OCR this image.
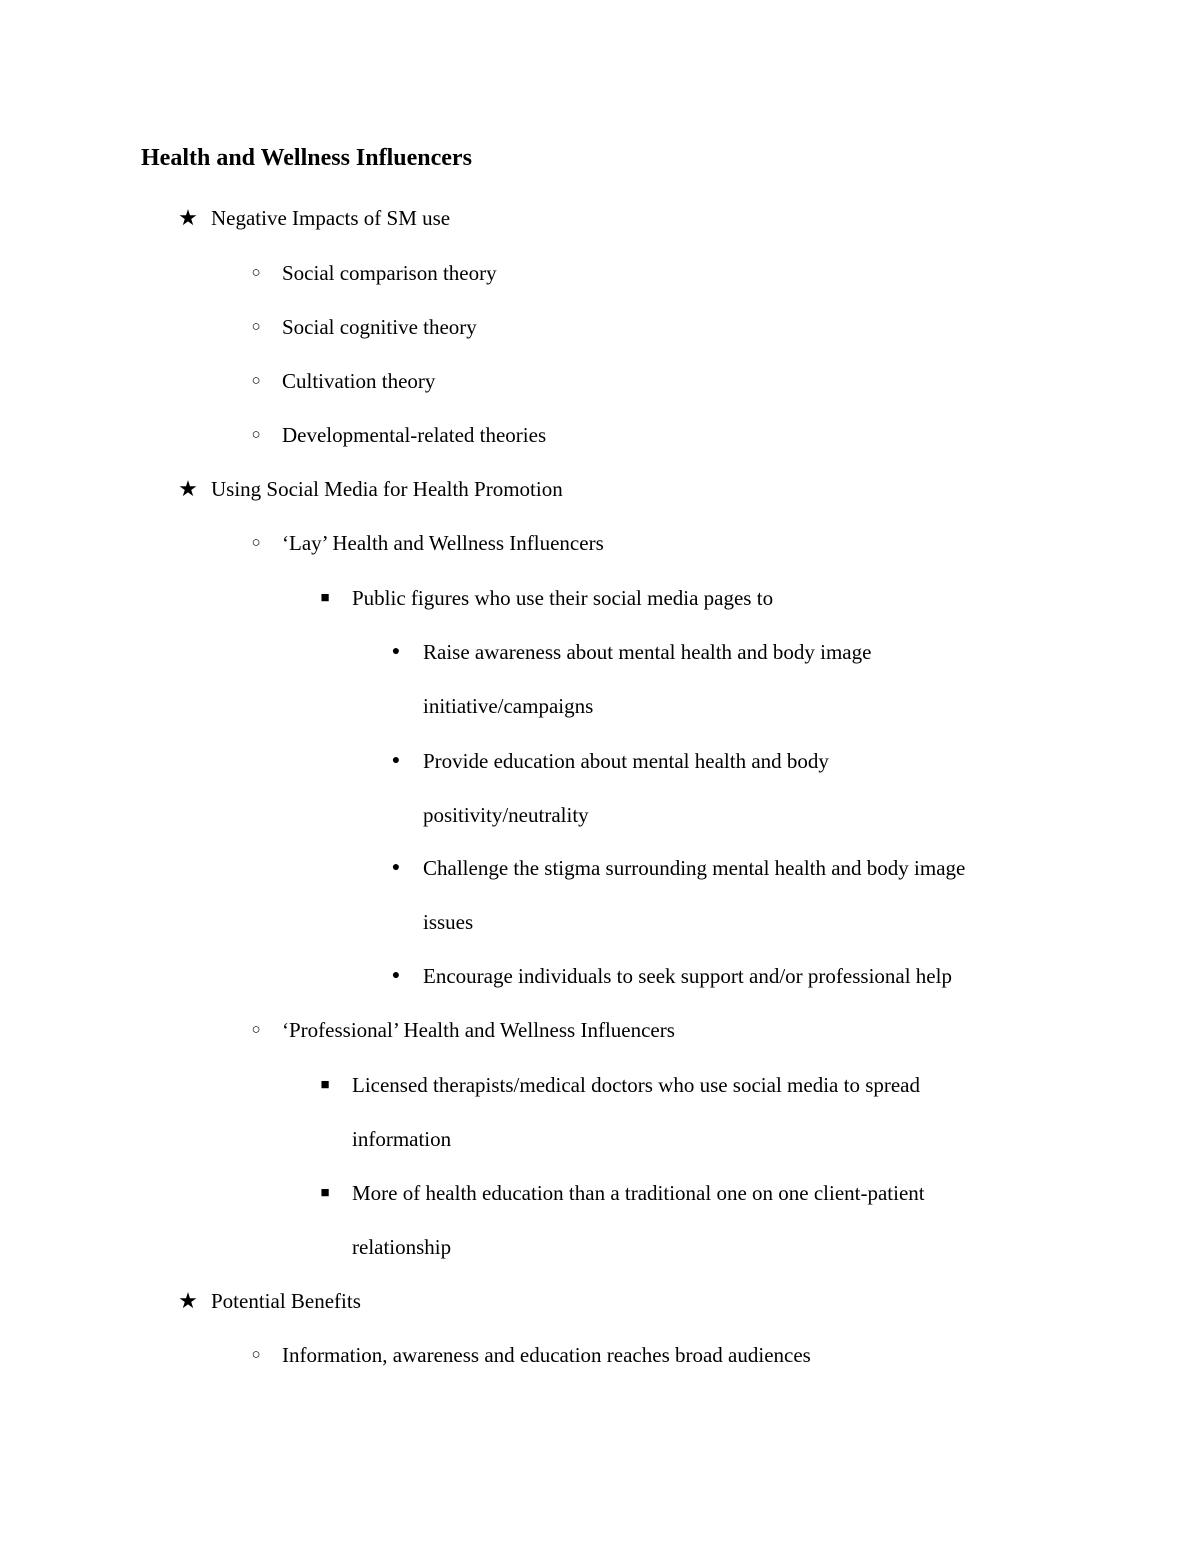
Health and Wellness Influencers
★ Negative Impacts of SM use
○	Social comparison theory
○	Social cognitive theory
○	Cultivation theory
○	Developmental-related theories
★ Using Social Media for Health Promotion
○	‘Lay’ Health and Wellness Influencers
■	Public figures who use their social media pages to
●	Raise awareness about mental health and body image
initiative/campaigns
●	Provide education about mental health and body
positivity/neutrality
●	Challenge the stigma surrounding mental health and body image
issues
●	Encourage individuals to seek support and/or professional help
○	‘Professional’ Health and Wellness Influencers
■	Licensed therapists/medical doctors who use social media to spread
information
■	More of health education than a traditional one on one client-patient
relationship
★ Potential Benefits
○	Information, awareness and education reaches broad audiences
